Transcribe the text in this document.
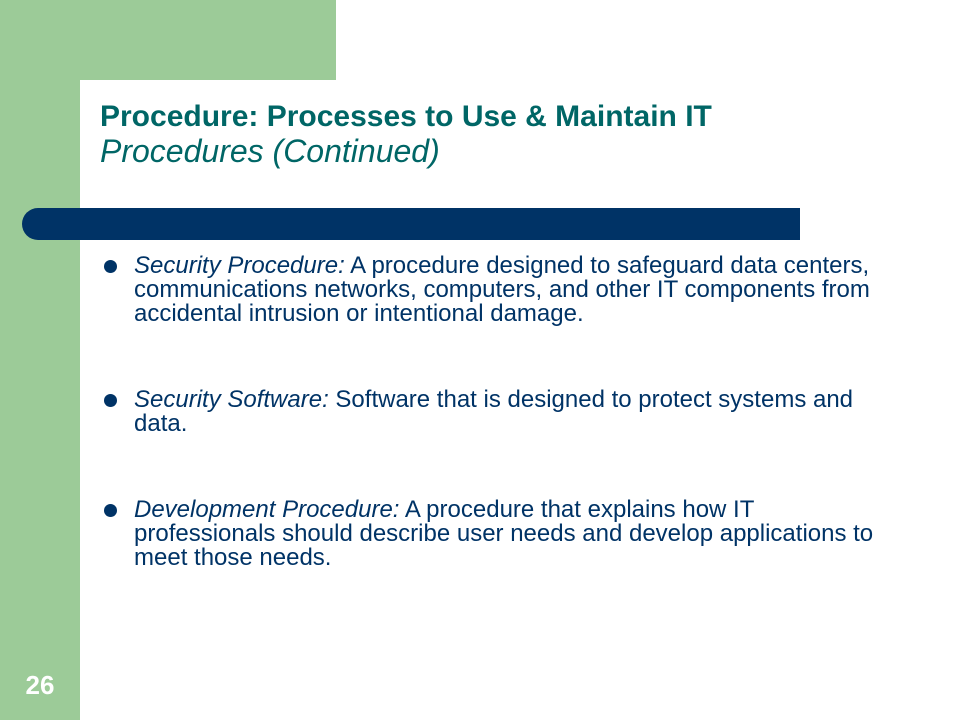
Procedure: Processes to Use & Maintain IT
Procedures (Continued)
Security Procedure: A procedure designed to safeguard data centers, communications networks, computers, and other IT components from accidental intrusion or intentional damage.
Security Software: Software that is designed to protect systems and data.
Development Procedure: A procedure that explains how IT professionals should describe user needs and develop applications to meet those needs.
26
